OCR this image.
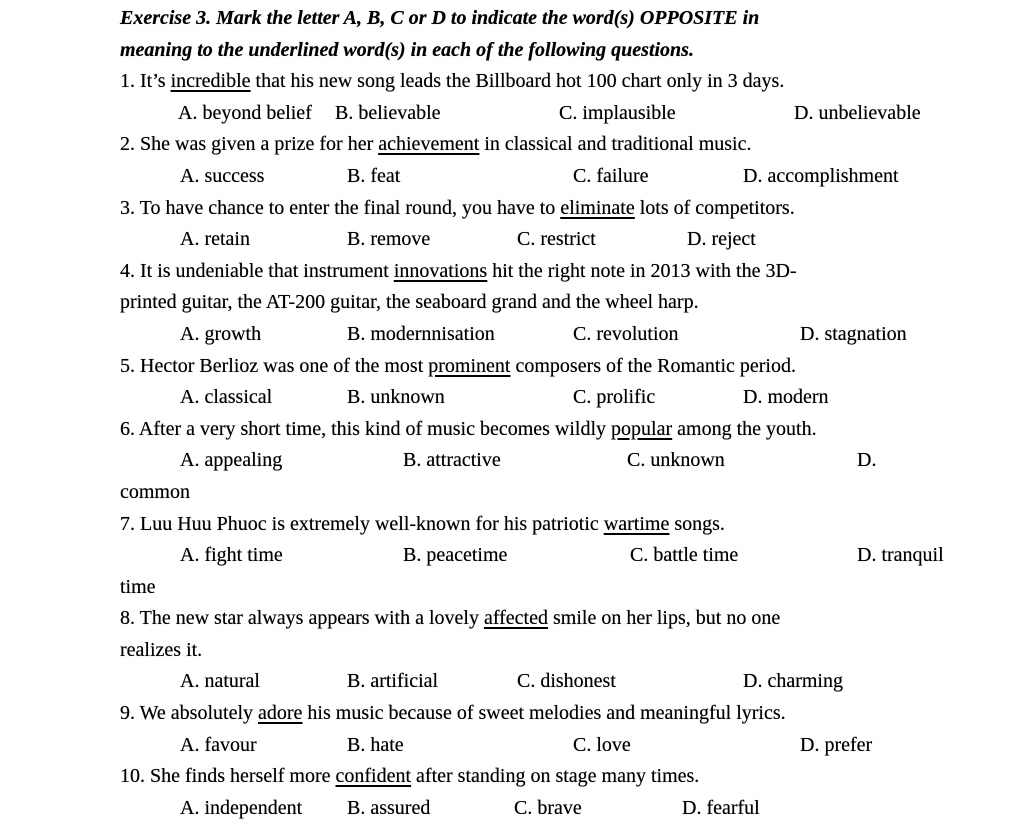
Exercise 3. Mark the letter A, B, C or D to indicate the word(s) OPPOSITE in
meaning to the underlined word(s) in each of the following questions.
1. It’s incredible that his new song leads the Billboard hot 100 chart only in 3 days.
A. beyond belief B. believable	C. implausible	D. unbelievable
2. She was given a prize for her achievement in classical and traditional music.
A. success	B. feat	C. failure	D. accomplishment
3. To have chance to enter the final round, you have to eliminate lots of competitors.
A. retain	B. remove	C. restrict	D. reject
4. It is undeniable that instrument innovations hit the right note in 2013 with the 3D-
printed guitar, the AT-200 guitar, the seaboard grand and the wheel harp.
A. growth	B. modernnisation	C. revolution	D. stagnation
5. Hector Berlioz was one of the most prominent composers of the Romantic period.
A. classical	B. unknown	C. prolific	D. modern
6. After a very short time, this kind of music becomes wildly popular among the youth.
A. appealing	B. attractive	C. unknown	D.
common
7. Luu Huu Phuoc is extremely well-known for his patriotic wartime songs.
A. fight time	B. peacetime	C. battle time	D. tranquil
time
8. The new star always appears with a lovely affected smile on her lips, but no one
realizes it.
A. natural	B. artificial	C. dishonest	D. charming
9. We absolutely adore his music because of sweet melodies and meaningful lyrics.
A. favour	B. hate	C. love	D. prefer
10. She finds herself more confident after standing on stage many times.
A. independent B. assured	C. brave	D. fearful
